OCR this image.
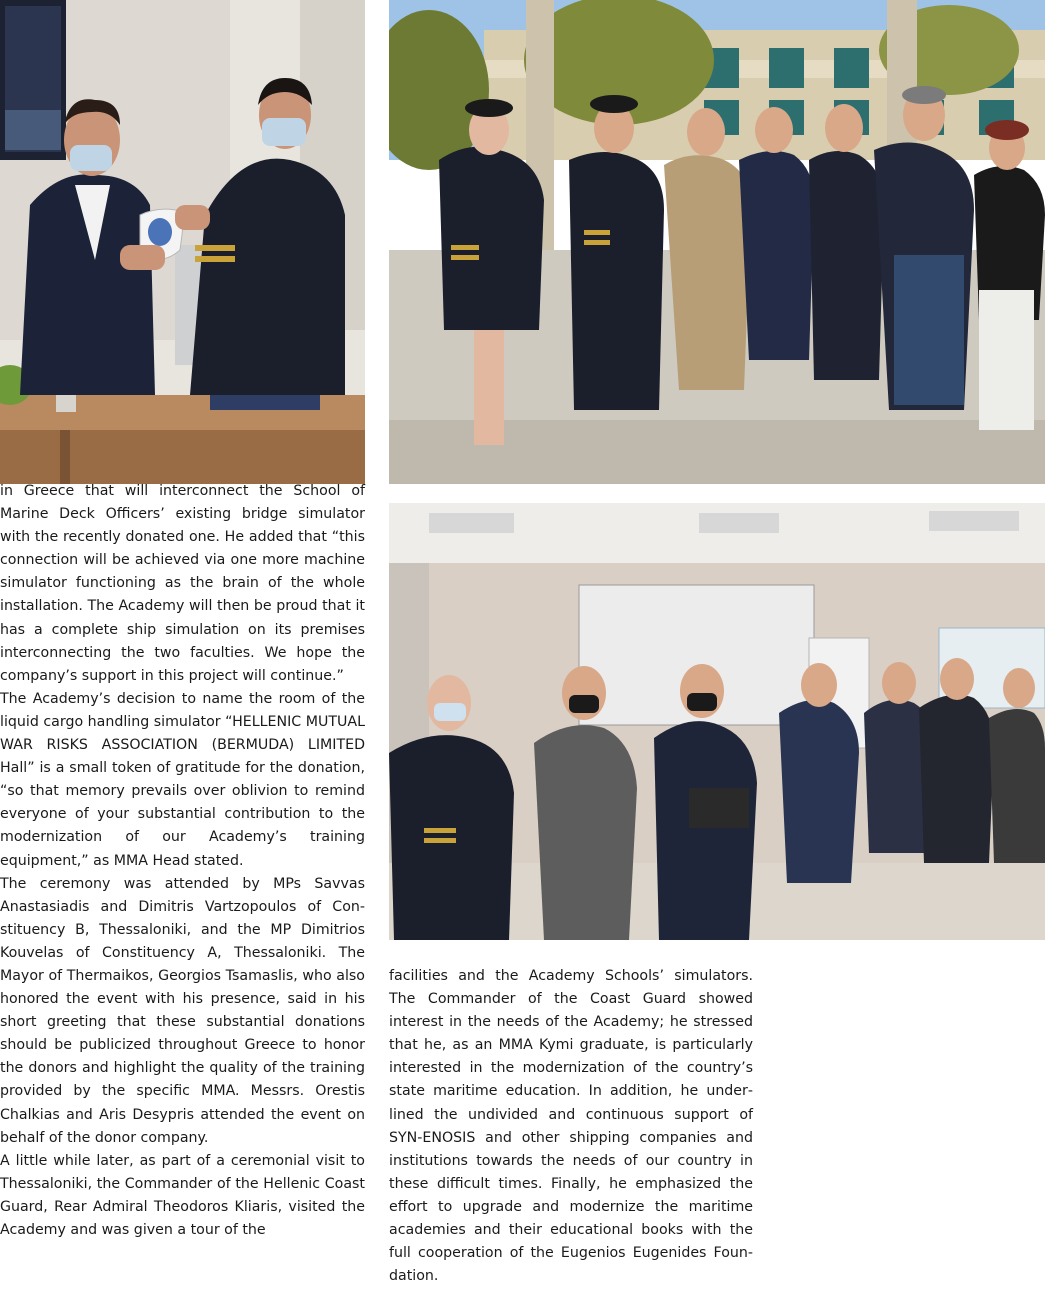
in Greece that will interconnect the School of Marine Deck Officers’ existing bridge simulator with the recently donated one. He added that “this connection will be achieved via one more machine simulator functioning as the brain of the whole installation. The Academy will then be proud that it has a complete ship simulation on its premises interconnecting the two faculties. We hope the company’s support in this project will continue.”

The Academy’s decision to name the room of the liquid cargo handling simulator “HELLENIC MUTUAL WAR RISKS ASSOCIATION (BERMUDA) LIMITED Hall” is a small token of gratitude for the donation, “so that memory prevails over oblivion to remind everyone of your substantial contribution to the modernization of our Academy’s training equipment,” as MMA Head stated.

The ceremony was attended by MPs Savvas Anastasiadis and Dimitris Vartzopoulos of Constituency B, Thessaloniki, and the MP Dimitrios Kouvelas of Constituency A, Thessaloniki. The Mayor of Thermaikos, Georgios Tsamaslis, who also honored the event with his presence, said in his short greeting that these substantial donations should be publicized throughout Greece to honor the donors and highlight the quality of the training provided by the specific MMA. Messrs. Orestis Chalkias and Aris Desypris attended the event on behalf of the donor company.

A little while later, as part of a ceremonial visit to Thessaloniki, the Commander of the Hellenic Coast Guard, Rear Admiral Theodoros Kliaris, visited the Academy and was given a tour of the

facilities and the Academy Schools’ simulators. The Commander of the Coast Guard showed interest in the needs of the Academy; he stressed that he, as an MMA Kymi graduate, is particularly interested in the modernization of the country’s state maritime education. In addition, he underlined the undivided and continuous support of SYN-ENOSIS and other shipping companies and institutions towards the needs of our country in these difficult times. Finally, he emphasized the effort to upgrade and modernize the maritime academies and their educational books with the full cooperation of the Eugenios Eugenides Foundation.
